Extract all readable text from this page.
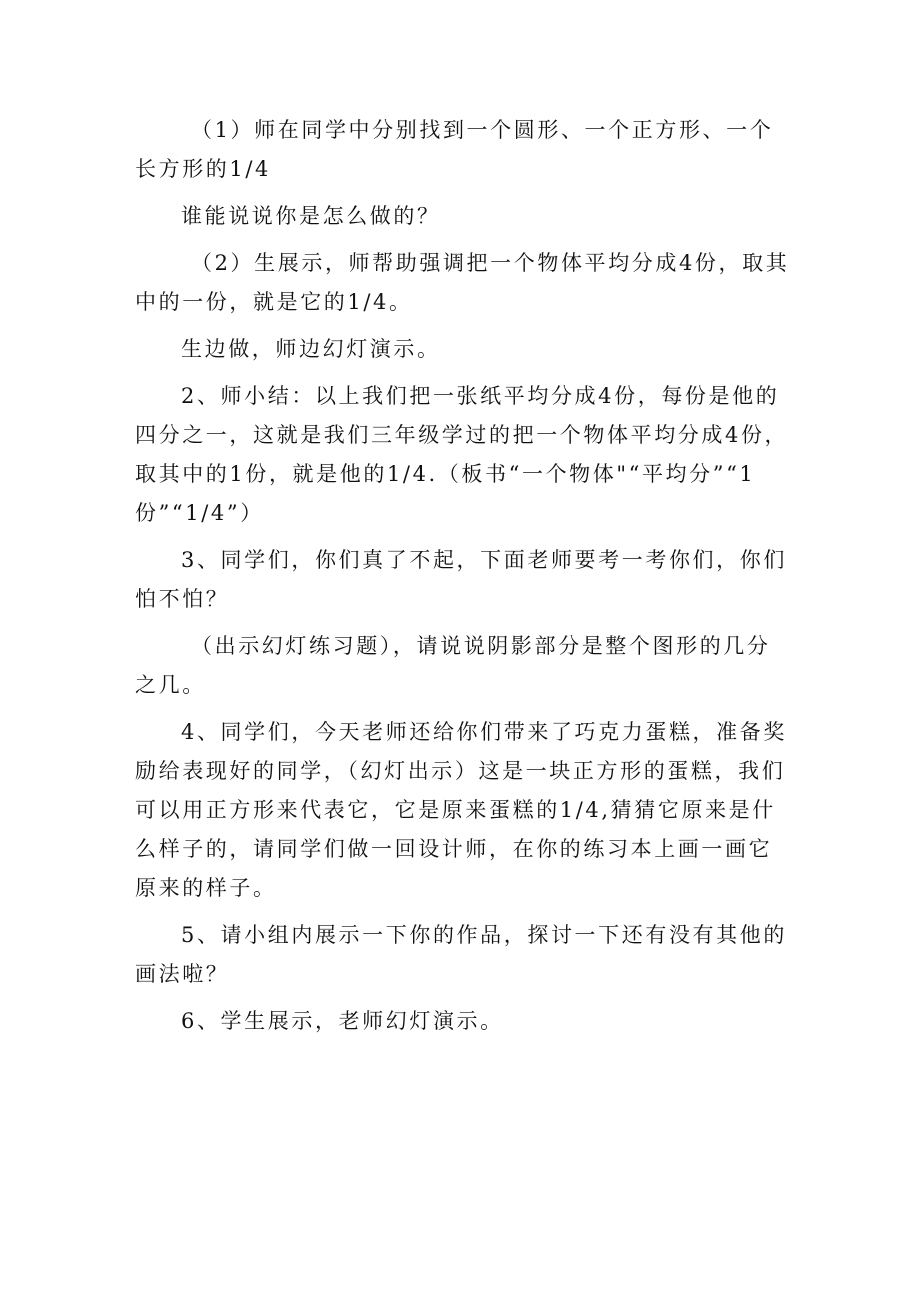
（1）师在同学中分别找到一个圆形、一个正方形、一个长方形的1/4

谁能说说你是怎么做的？

（2）生展示，师帮助强调把一个物体平均分成4份，取其中的一份，就是它的1/4。

生边做，师边幻灯演示。

2、师小结：以上我们把一张纸平均分成4份，每份是他的四分之一，这就是我们三年级学过的把一个物体平均分成4份，取其中的1份，就是他的1/4.（板书“一个物体"“平均分”“1份”“1/4”）

3、同学们，你们真了不起，下面老师要考一考你们，你们怕不怕？

（出示幻灯练习题），请说说阴影部分是整个图形的几分之几。

4、同学们，今天老师还给你们带来了巧克力蛋糕，准备奖励给表现好的同学，（幻灯出示）这是一块正方形的蛋糕，我们可以用正方形来代表它，它是原来蛋糕的1/4,猜猜它原来是什么样子的，请同学们做一回设计师，在你的练习本上画一画它原来的样子。

5、请小组内展示一下你的作品，探讨一下还有没有其他的画法啦？

6、学生展示，老师幻灯演示。
